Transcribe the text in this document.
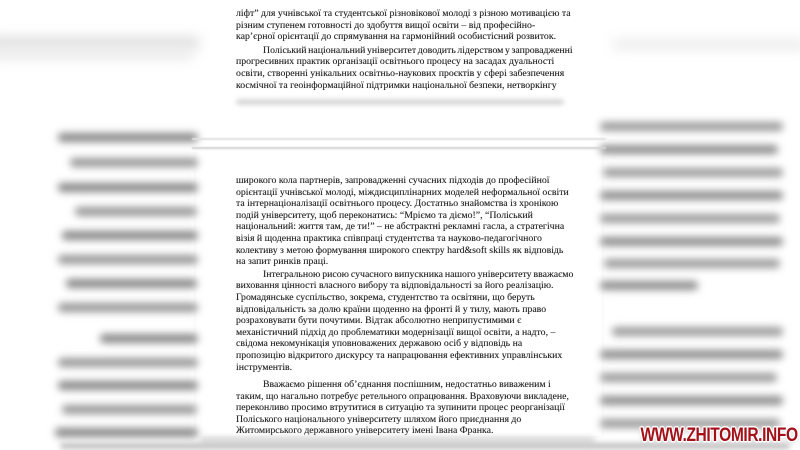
ліфт” для учнівської та студентської різновікової молоді з різною мотивацією та
різним ступенем готовності до здобуття вищої освіти – від професійно-
кар’єрної орієнтації до спрямування на гармонійний особистісний розвиток.
Поліський національний університет доводить лідерством у запровадженні
прогресивних практик організації освітнього процесу на засадах дуальності
освіти, створенні унікальних освітньо-наукових проєктів у сфері забезпечення
космічної та геоінформаційної підтримки національної безпеки, нетворкінгу
широкого кола партнерів, запровадженні сучасних підходів до професійної
орієнтації учнівської молоді, міждисциплінарних моделей неформальної освіти
та інтернаціоналізації освітнього процесу. Достатньо знайомства із хронікою
подій університету, щоб переконатись: “Мріємо та діємо!”, “Поліський
національний: життя там, де ти!” – не абстрактні рекламні гасла, а стратегічна
візія й щоденна практика співпраці студентства та науково-педагогічного
колективу з метою формування широкого спектру hard&soft skills як відповідь
на запит ринків праці.
Інтегральною рисою сучасного випускника нашого університету вважаємо
виховання цінності власного вибору та відповідальності за його реалізацію.
Громадянське суспільство, зокрема, студентство та освітяни, що беруть
відповідальність за долю країни щоденно на фронті й у тилу, мають право
розраховувати бути почутими. Відтак абсолютно неприпустимими є
механістичний підхід до проблематики модернізації вищої освіти, а надто, –
свідома некомунікація уповноважених державою осіб у відповідь на
пропозицію відкритого дискурсу та напрацювання ефективних управлінських
інструментів.
Вважаємо рішення об’єднання поспішним, недостатньо виваженим і
таким, що нагально потребує ретельного опрацювання. Враховуючи викладене,
переконливо просимо втрутитися в ситуацію та зупинити процес реорганізації
Поліського національного університету шляхом його приєднання до
Житомирського державного університету імені Івана Франка.	WWW.ZHITOMIR.INFO
